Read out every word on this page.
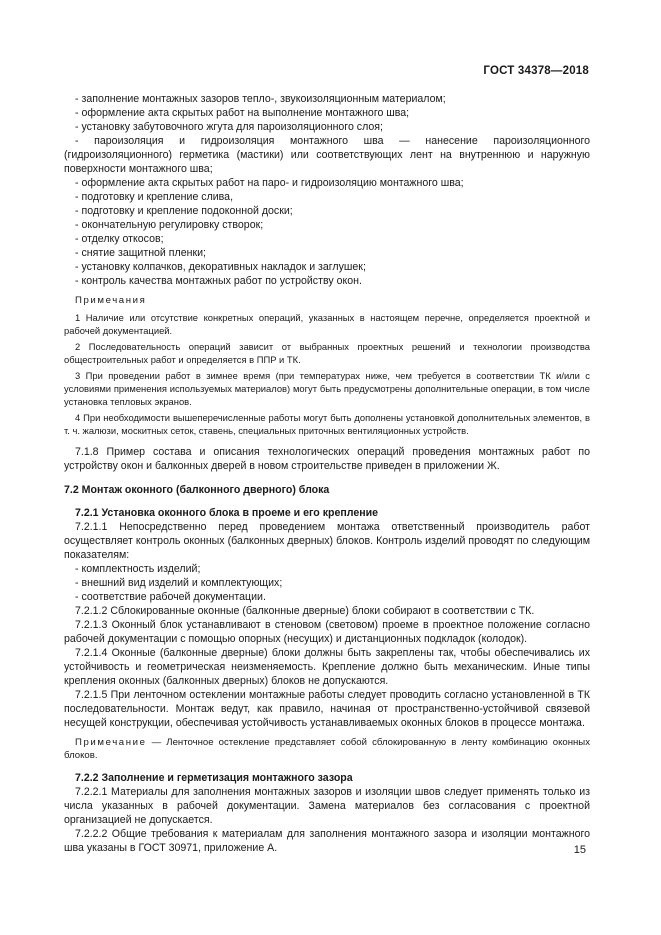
ГОСТ 34378—2018

- заполнение монтажных зазоров тепло-, звукоизоляционным материалом;

- оформление акта скрытых работ на выполнение монтажного шва;

- установку забутовочного жгута для пароизоляционного слоя;

- пароизоляция и гидроизоляция монтажного шва — нанесение пароизоляционного (гидроизоляционного) герметика (мастики) или соответствующих лент на внутреннюю и наружную поверхности монтажного шва;

- оформление акта скрытых работ на паро- и гидроизоляцию монтажного шва;

- подготовку и крепление слива,

- подготовку и крепление подоконной доски;

- окончательную регулировку створок;

- отделку откосов;

- снятие защитной пленки;

- установку колпачков, декоративных накладок и заглушек;

- контроль качества монтажных работ по устройству окон.

Примечания

1 Наличие или отсутствие конкретных операций, указанных в настоящем перечне, определяется проектной и рабочей документацией.

2 Последовательность операций зависит от выбранных проектных решений и технологии производства общестроительных работ и определяется в ППР и ТК.

3 При проведении работ в зимнее время (при температурах ниже, чем требуется в соответствии ТК и/или с условиями применения используемых материалов) могут быть предусмотрены дополнительные операции, в том числе установка тепловых экранов.

4 При необходимости вышеперечисленные работы могут быть дополнены установкой дополнительных элементов, в т. ч. жалюзи, москитных сеток, ставень, специальных приточных вентиляционных устройств.

7.1.8 Пример состава и описания технологических операций проведения монтажных работ по устройству окон и балконных дверей в новом строительстве приведен в приложении Ж.

7.2 Монтаж оконного (балконного дверного) блока

7.2.1 Установка оконного блока в проеме и его крепление

7.2.1.1 Непосредственно перед проведением монтажа ответственный производитель работ осуществляет контроль оконных (балконных дверных) блоков. Контроль изделий проводят по следующим показателям:

- комплектность изделий;

- внешний вид изделий и комплектующих;

- соответствие рабочей документации.

7.2.1.2 Сблокированные оконные (балконные дверные) блоки собирают в соответствии с ТК.

7.2.1.3 Оконный блок устанавливают в стеновом (световом) проеме в проектное положение согласно рабочей документации с помощью опорных (несущих) и дистанционных подкладок (колодок).

7.2.1.4 Оконные (балконные дверные) блоки должны быть закреплены так, чтобы обеспечивались их устойчивость и геометрическая неизменяемость. Крепление должно быть механическим. Иные типы крепления оконных (балконных дверных) блоков не допускаются.

7.2.1.5 При ленточном остеклении монтажные работы следует проводить согласно установленной в ТК последовательности. Монтаж ведут, как правило, начиная от пространственно-устойчивой связевой несущей конструкции, обеспечивая устойчивость устанавливаемых оконных блоков в процессе монтажа.

Примечание — Ленточное остекление представляет собой сблокированную в ленту комбинацию оконных блоков.

7.2.2 Заполнение и герметизация монтажного зазора

7.2.2.1 Материалы для заполнения монтажных зазоров и изоляции швов следует применять только из числа указанных в рабочей документации. Замена материалов без согласования с проектной организацией не допускается.

7.2.2.2 Общие требования к материалам для заполнения монтажного зазора и изоляции монтажного шва указаны в ГОСТ 30971, приложение А.	15
